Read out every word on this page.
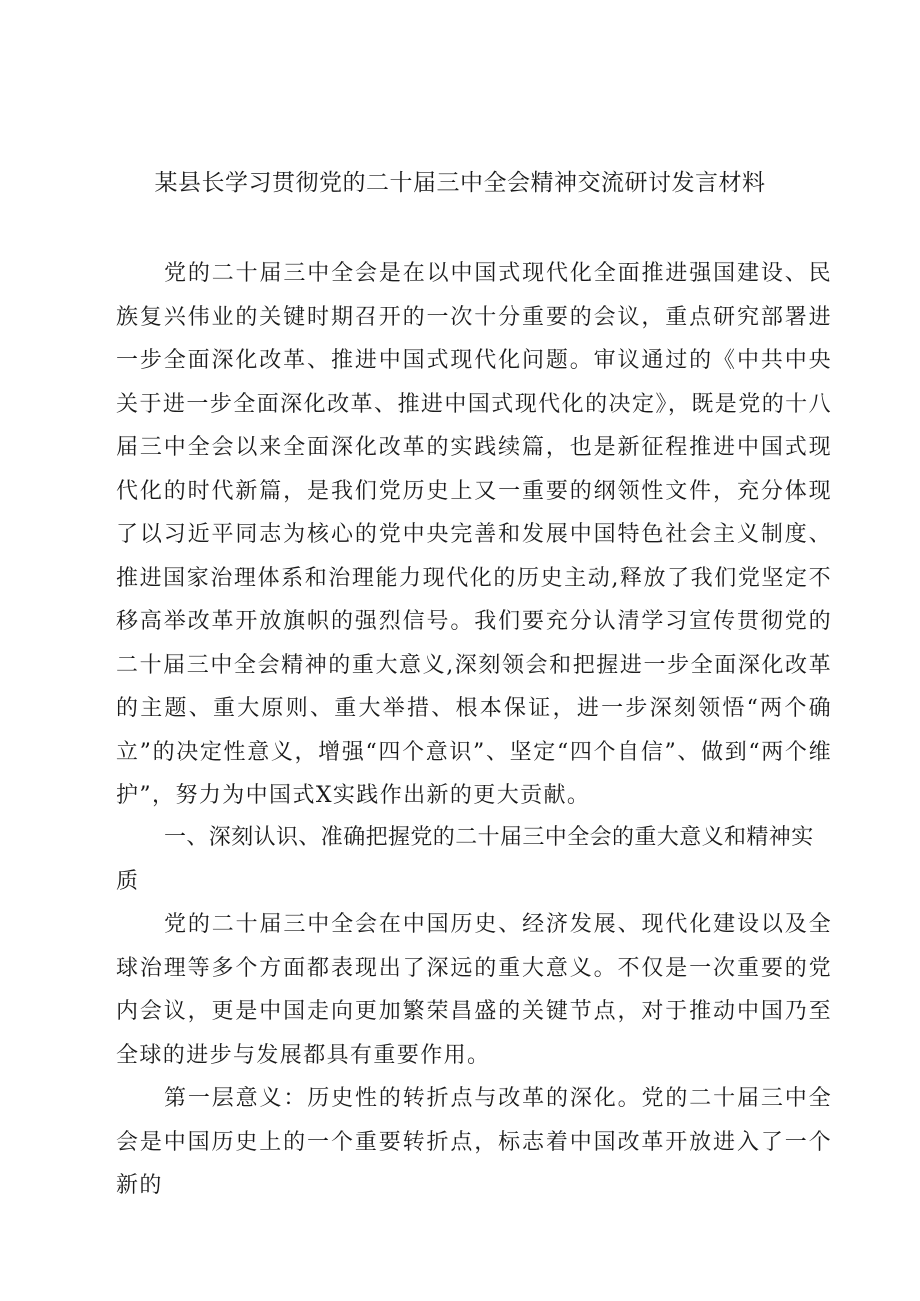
某县长学习贯彻党的二十届三中全会精神交流研讨发言材料

党的二十届三中全会是在以中国式现代化全面推进强国建设、民族复兴伟业的关键时期召开的一次十分重要的会议，重点研究部署进一步全面深化改革、推进中国式现代化问题。审议通过的《中共中央关于进一步全面深化改革、推进中国式现代化的决定》，既是党的十八届三中全会以来全面深化改革的实践续篇，也是新征程推进中国式现代化的时代新篇，是我们党历史上又一重要的纲领性文件，充分体现了以习近平同志为核心的党中央完善和发展中国特色社会主义制度、推进国家治理体系和治理能力现代化的历史主动,释放了我们党坚定不移高举改革开放旗帜的强烈信号。我们要充分认清学习宣传贯彻党的二十届三中全会精神的重大意义,深刻领会和把握进一步全面深化改革的主题、重大原则、重大举措、根本保证，进一步深刻领悟“两个确立”的决定性意义，增强“四个意识”、坚定“四个自信”、做到“两个维护”，努力为中国式X实践作出新的更大贡献。

一、深刻认识、准确把握党的二十届三中全会的重大意义和精神实质

党的二十届三中全会在中国历史、经济发展、现代化建设以及全球治理等多个方面都表现出了深远的重大意义。不仅是一次重要的党内会议，更是中国走向更加繁荣昌盛的关键节点，对于推动中国乃至全球的进步与发展都具有重要作用。

第一层意义：历史性的转折点与改革的深化。党的二十届三中全会是中国历史上的一个重要转折点，标志着中国改革开放进入了一个新的
